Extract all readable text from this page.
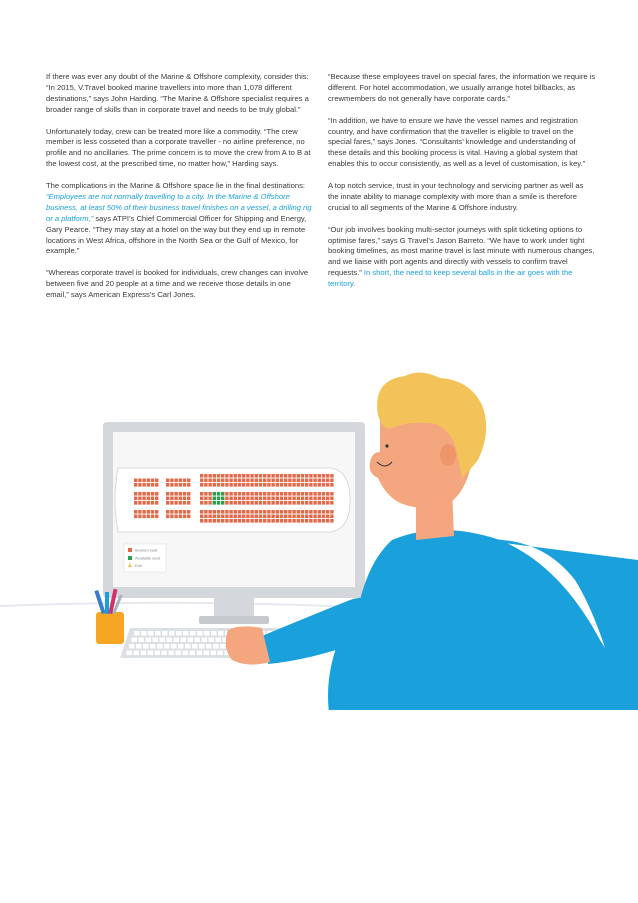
If there was ever any doubt of the Marine & Offshore complexity, consider this: “In 2015, V.Travel booked marine travellers into more than 1,078 different destinations,” says John Harding. “The Marine & Offshore specialist requires a broader range of skills than in corporate travel and needs to be truly global.”

Unfortunately today, crew can be treated more like a commodity. “The crew member is less cosseted than a corporate traveller - no airline preference, no profile and no ancillaries. The prime concern is to move the crew from A to B at the lowest cost, at the prescribed time, no matter how,” Harding says.

The complications in the Marine & Offshore space lie in the final destinations: “Employees are not normally travelling to a city. In the Marine & Offshore business, at least 50% of their business travel finishes on a vessel, a drilling rig or a platform,” says ATPI’s Chief Commercial Officer for Shipping and Energy, Gary Pearce. “They may stay at a hotel on the way but they end up in remote locations in West Africa, offshore in the North Sea or the Gulf of Mexico, for example.”

“Whereas corporate travel is booked for individuals, crew changes can involve between five and 20 people at a time and we receive those details in one email,” says American Express’s Carl Jones.

“Because these employees travel on special fares, the information we require is different. For hotel accommodation, we usually arrange hotel billbacks, as crewmembers do not generally have corporate cards.”

“In addition, we have to ensure we have the vessel names and registration country, and have confirmation that the traveller is eligible to travel on the special fares,” says Jones. “Consultants’ knowledge and understanding of these details and this booking process is vital. Having a global system that enables this to occur consistently, as well as a level of customisation, is key.”

A top notch service, trust in your technology and servicing partner as well as the innate ability to manage complexity with more than a smile is therefore crucial to all segments of the Marine & Offshore industry.

“Our job involves booking multi-sector journeys with split ticketing options to optimise fares,” says G Travel’s Jason Barreto. “We have to work under tight booking timelines, as most marine travel is last minute with numerous changes, and we liaise with port agents and directly with vessels to confirm travel requests.” In short, the need to keep several balls in the air goes with the territory.

Booked seat
Available seat
Exit
